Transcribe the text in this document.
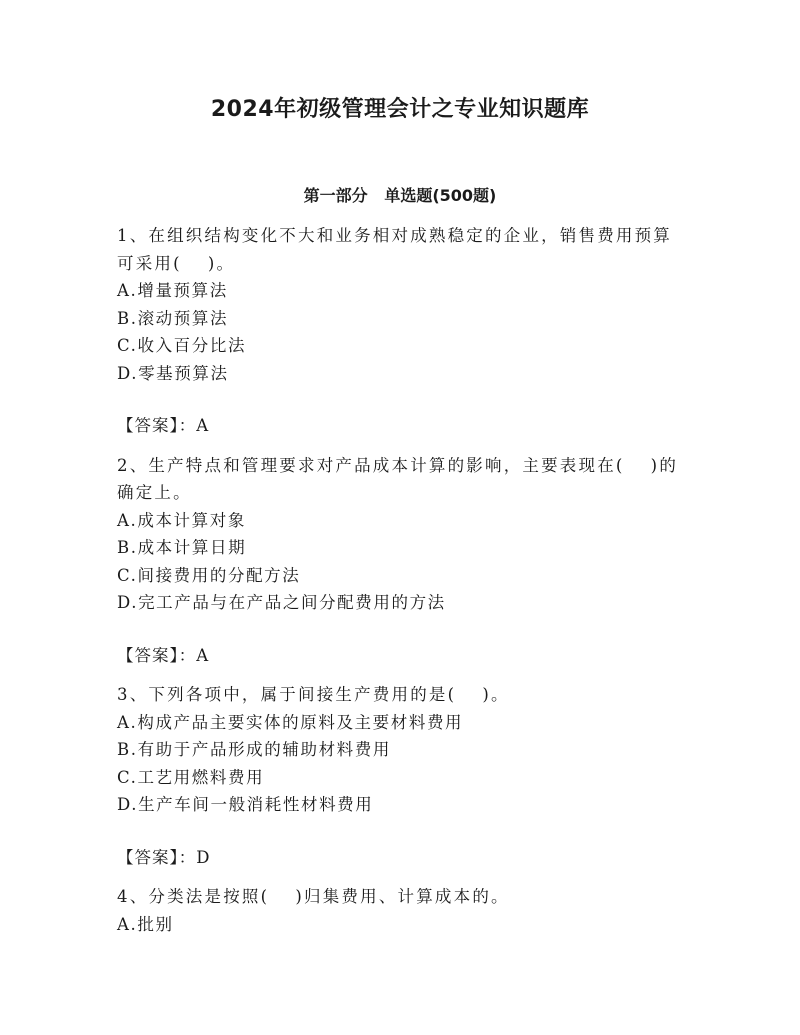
2024年初级管理会计之专业知识题库
第一部分   单选题(500题)

1、在组织结构变化不大和业务相对成熟稳定的企业，销售费用预算可采用(　 )。

A.增量预算法

B.滚动预算法

C.收入百分比法

D.零基预算法

【答案】：A

2、生产特点和管理要求对产品成本计算的影响，主要表现在(　 )的确定上。

A.成本计算对象

B.成本计算日期

C.间接费用的分配方法

D.完工产品与在产品之间分配费用的方法

【答案】：A

3、下列各项中，属于间接生产费用的是(　 )。

A.构成产品主要实体的原料及主要材料费用

B.有助于产品形成的辅助材料费用

C.工艺用燃料费用

D.生产车间一般消耗性材料费用

【答案】：D

4、分类法是按照(　 )归集费用、计算成本的。

A.批别
